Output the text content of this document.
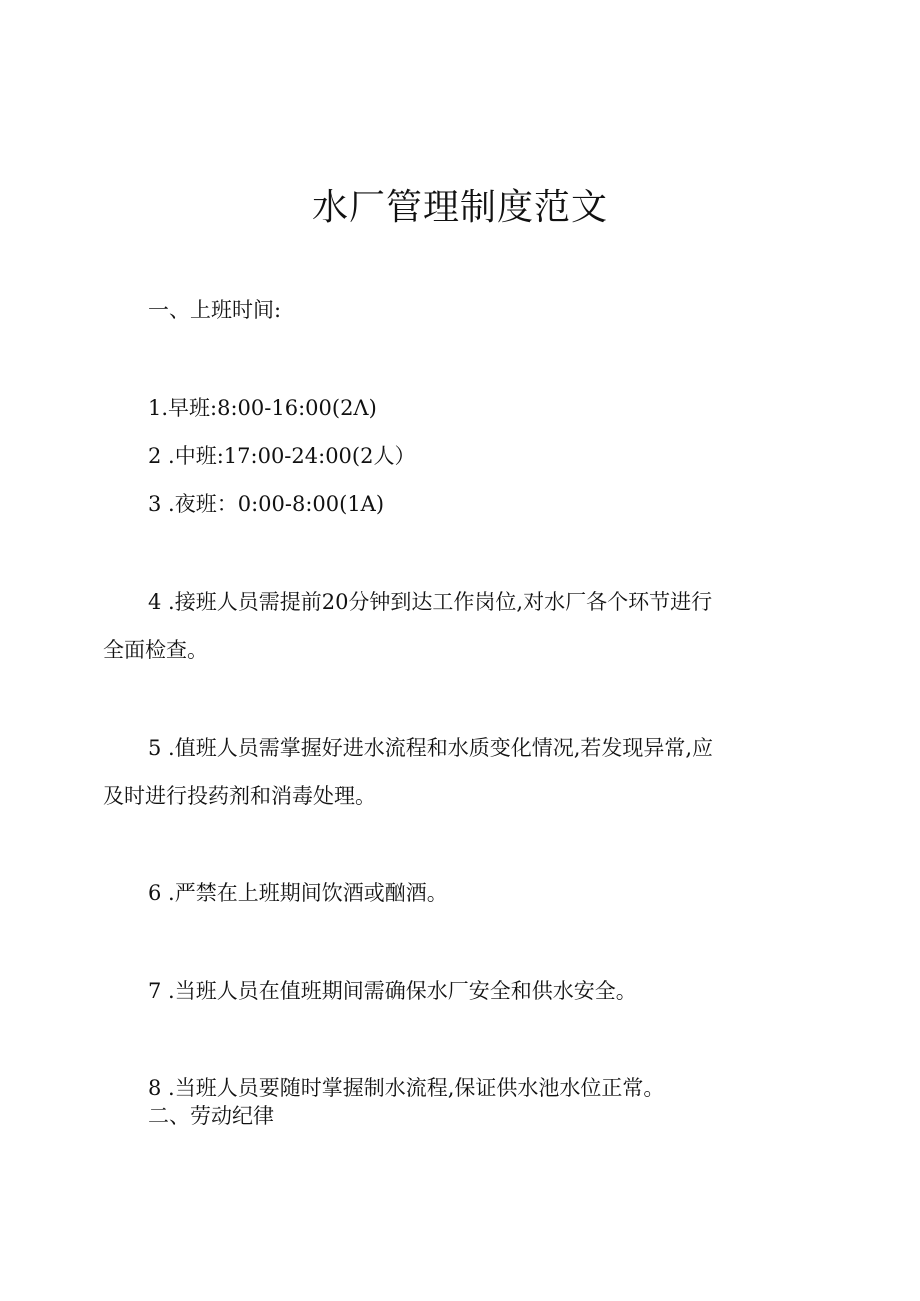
水厂管理制度范文
一、上班时间:
1.早班:8:00-16:00(2Λ)
2 .中班:17:00-24:00(2人）
3 .夜班：0:00-8:00(1A)
4 .接班人员需提前20分钟到达工作岗位,对水厂各个环节进行
全面检查。
5 .值班人员需掌握好进水流程和水质变化情况,若发现异常,应
及时进行投药剂和消毒处理。
6 .严禁在上班期间饮酒或酗酒。
7 .当班人员在值班期间需确保水厂安全和供水安全。
8 .当班人员要随时掌握制水流程,保证供水池水位正常。
二、劳动纪律
